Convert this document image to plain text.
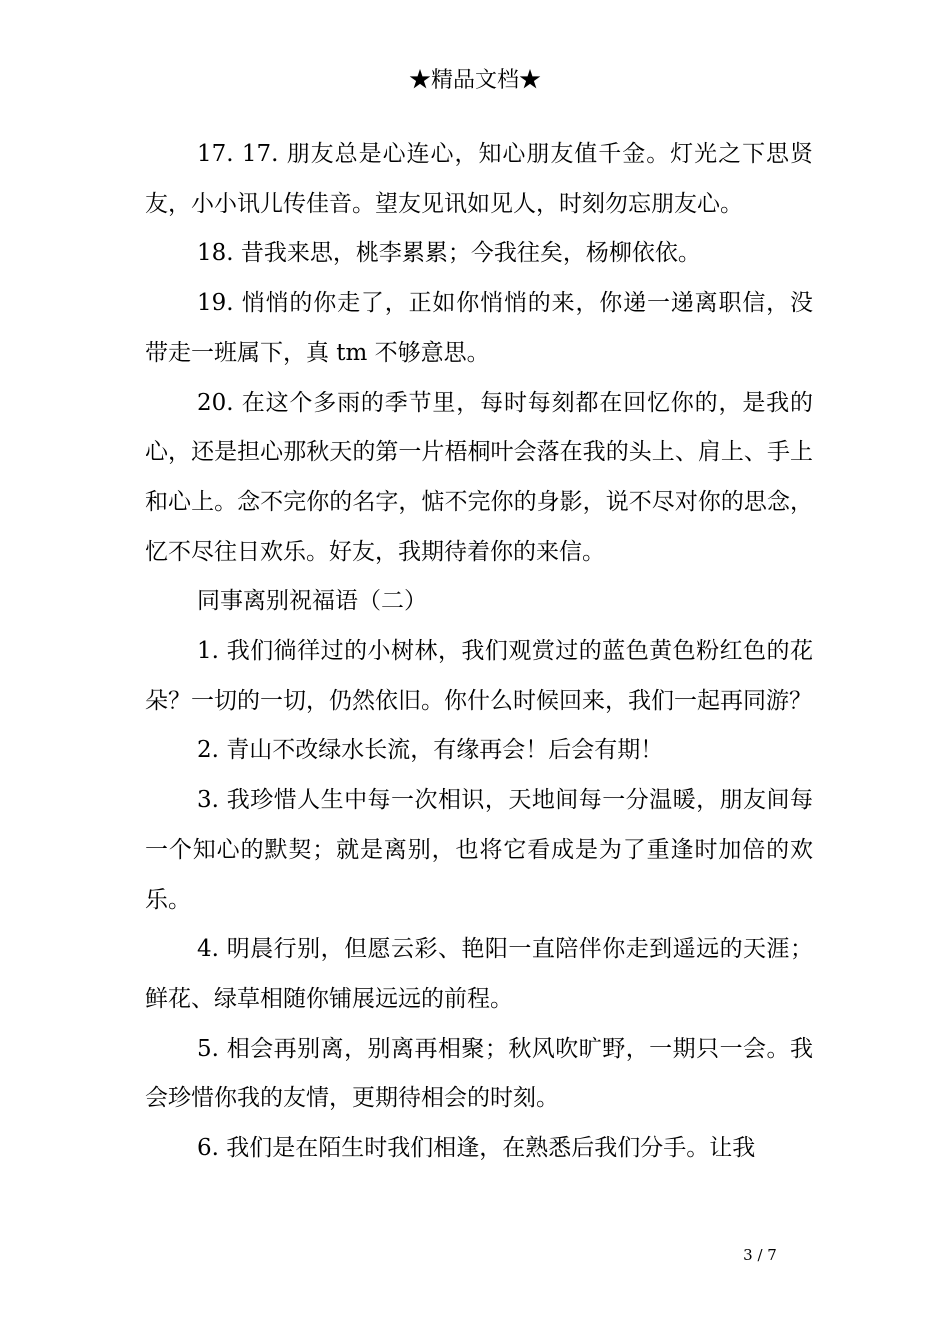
★精品文档★

17. 17. 朋友总是心连心，知心朋友值千金。灯光之下思贤友，小小讯儿传佳音。望友见讯如见人，时刻勿忘朋友心。

18. 昔我来思，桃李累累；今我往矣，杨柳依依。

19. 悄悄的你走了，正如你悄悄的来，你递一递离职信，没带走一班属下，真 tm 不够意思。

20. 在这个多雨的季节里，每时每刻都在回忆你的，是我的心，还是担心那秋天的第一片梧桐叶会落在我的头上、肩上、手上和心上。念不完你的名字，惦不完你的身影，说不尽对你的思念，忆不尽往日欢乐。好友，我期待着你的来信。

同事离别祝福语（二）

1. 我们徜徉过的小树林，我们观赏过的蓝色黄色粉红色的花朵？一切的一切，仍然依旧。你什么时候回来，我们一起再同游？

2. 青山不改绿水长流，有缘再会！后会有期！

3. 我珍惜人生中每一次相识，天地间每一分温暖，朋友间每一个知心的默契；就是离别，也将它看成是为了重逢时加倍的欢乐。

4. 明晨行别，但愿云彩、艳阳一直陪伴你走到遥远的天涯；鲜花、绿草相随你铺展远远的前程。

5. 相会再别离，别离再相聚；秋风吹旷野，一期只一会。我会珍惜你我的友情，更期待相会的时刻。

6. 我们是在陌生时我们相逢，在熟悉后我们分手。让我

3 / 7
